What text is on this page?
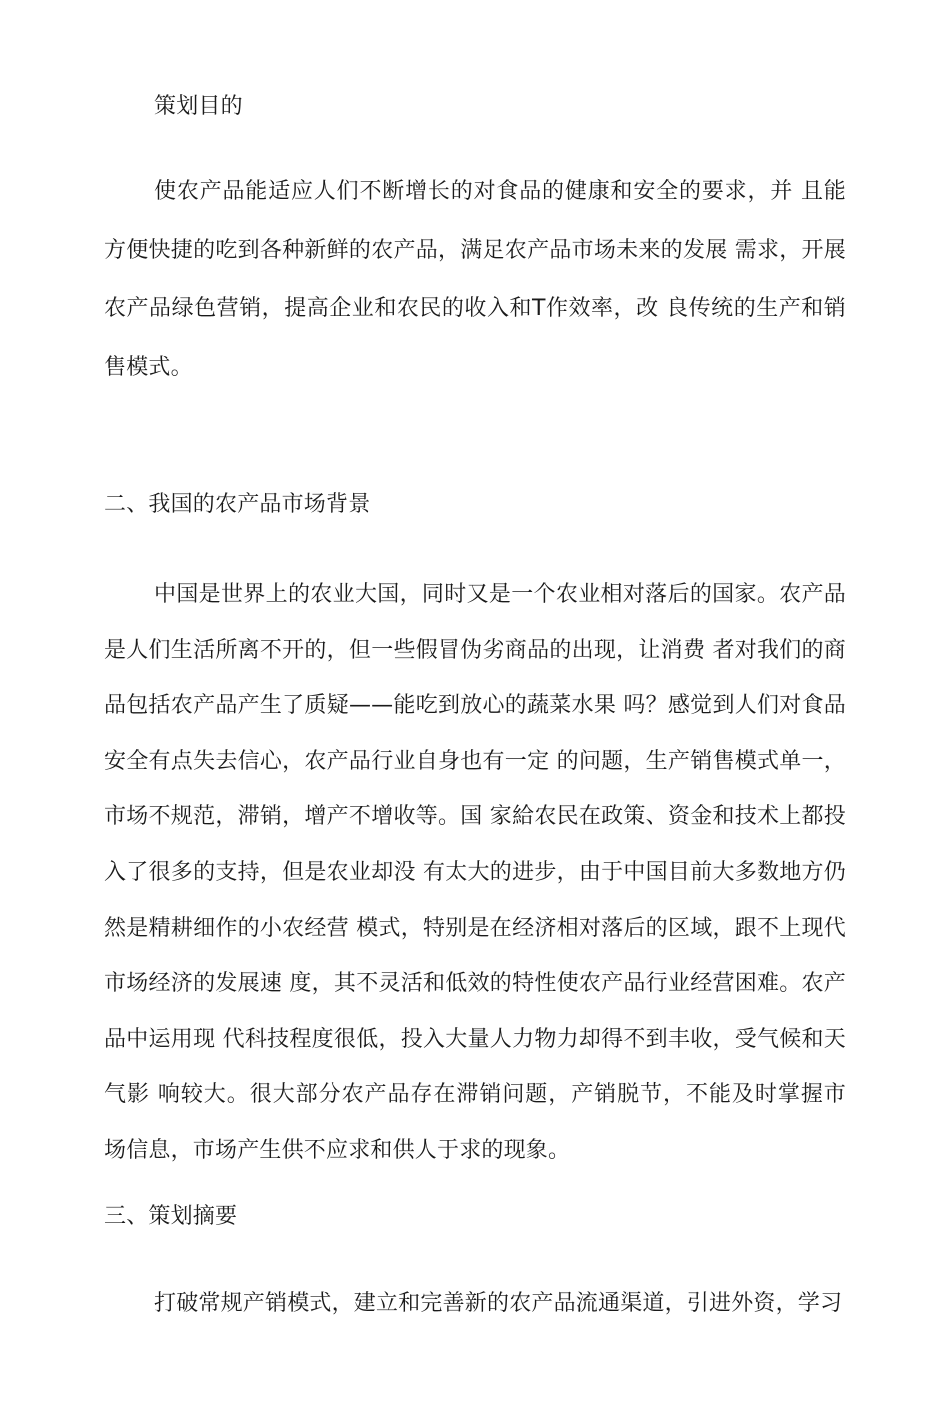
策划目的
使农产品能适应人们不断增长的对食品的健康和安全的要求，并 且能方便快捷的吃到各种新鲜的农产品，满足农产品市场未来的发展 需求，开展农产品绿色营销，提高企业和农民的收入和T作效率，改 良传统的生产和销售模式。
二、我国的农产品市场背景
中国是世界上的农业大国，同时又是一个农业相对落后的国家。农产品是人们生活所离不开的，但一些假冒伪劣商品的出现，让消费 者对我们的商品包括农产品产生了质疑——能吃到放心的蔬菜水果 吗？感觉到人们对食品安全有点失去信心，农产品行业自身也有一定 的问题，生产销售模式单一，市场不规范，滞销，增产不增收等。国 家給农民在政策、资金和技术上都投入了很多的支持，但是农业却没 有太大的进步，由于中国目前大多数地方仍然是精耕细作的小农经营 模式，特别是在经济相对落后的区域，跟不上现代市场经济的发展速 度，其不灵活和低效的特性使农产品行业经营困难。农产品中运用现 代科技程度很低，投入大量人力物力却得不到丰收，受气候和天气影 响较大。很大部分农产品存在滞销问题，产销脱节，不能及时掌握市 场信息，市场产生供不应求和供人于求的现象。
三、策划摘要
打破常规产销模式，建立和完善新的农产品流通渠道，引进外资，学习
